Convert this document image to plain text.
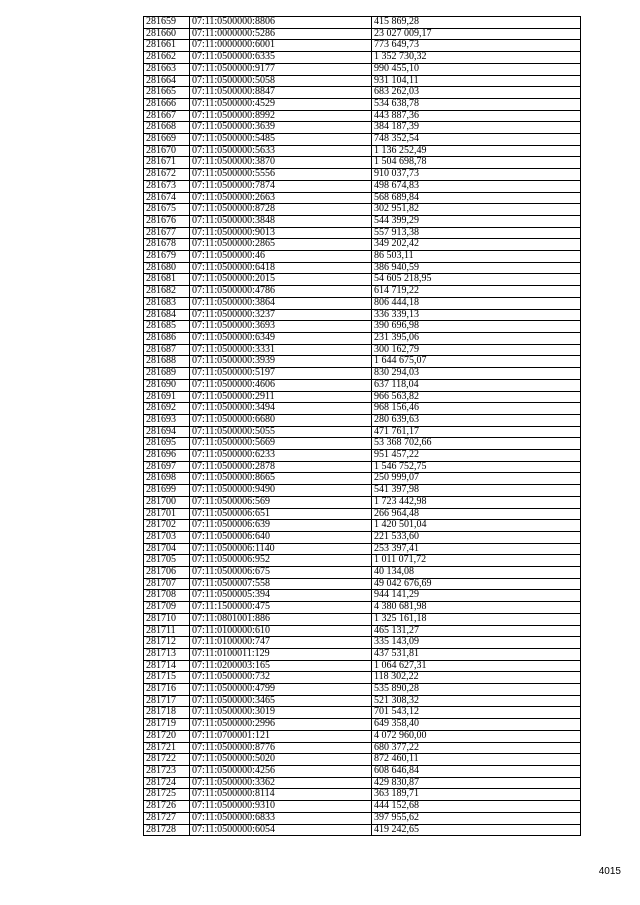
281659	07:11:0500000:8806	415 869,28
281660	07:11:0000000:5286	23 027 009,17
281661	07:11:0000000:6001	773 649,73
281662	07:11:0500000:6335	1 352 730,32
281663	07:11:0500000:9177	990 455,10
281664	07:11:0500000:5058	931 104,11
281665	07:11:0500000:8847	683 262,03
281666	07:11:0500000:4529	534 638,78
281667	07:11:0500000:8992	443 887,36
281668	07:11:0500000:3639	384 187,39
281669	07:11:0500000:5485	748 352,54
281670	07:11:0500000:5633	1 136 252,49
281671	07:11:0500000:3870	1 504 698,78
281672	07:11:0500000:5556	910 037,73
281673	07:11:0500000:7874	498 674,83
281674	07:11:0500000:2663	568 689,84
281675	07:11:0500000:8728	302 951,82
281676	07:11:0500000:3848	544 399,29
281677	07:11:0500000:9013	557 913,38
281678	07:11:0500000:2865	349 202,42
281679	07:11:0500000:46	86 503,11
281680	07:11:0500000:6418	386 940,59
281681	07:11:0500000:2015	54 605 218,95
281682	07:11:0500000:4786	614 719,22
281683	07:11:0500000:3864	806 444,18
281684	07:11:0500000:3237	336 339,13
281685	07:11:0500000:3693	390 696,98
281686	07:11:0500000:6349	231 395,06
281687	07:11:0500000:3331	300 162,79
281688	07:11:0500000:3939	1 644 675,07
281689	07:11:0500000:5197	830 294,03
281690	07:11:0500000:4606	637 118,04
281691	07:11:0500000:2911	966 563,82
281692	07:11:0500000:3494	968 156,46
281693	07:11:0500000:6680	280 639,63
281694	07:11:0500000:5055	471 761,17
281695	07:11:0500000:5669	53 368 702,66
281696	07:11:0500000:6233	951 457,22
281697	07:11:0500000:2878	1 546 752,75
281698	07:11:0500000:8665	250 999,07
281699	07:11:0500000:9490	541 397,98
281700	07:11:0500006:569	1 723 442,98
281701	07:11:0500006:651	266 964,48
281702	07:11:0500006:639	1 420 501,04
281703	07:11:0500006:640	221 533,60
281704	07:11:0500006:1140	253 397,41
281705	07:11:0500006:952	1 011 071,72
281706	07:11:0500006:675	40 134,08
281707	07:11:0500007:558	49 042 676,69
281708	07:11:0500005:394	944 141,29
281709	07:11:1500000:475	4 380 681,98
281710	07:11:0801001:886	1 325 161,18
281711	07:11:0100000:610	465 131,27
281712	07:11:0100000:747	335 143,09
281713	07:11:0100011:129	437 531,81
281714	07:11:0200003:165	1 064 627,31
281715	07:11:0500000:732	118 302,22
281716	07:11:0500000:4799	535 890,28
281717	07:11:0500000:3465	521 308,32
281718	07:11:0500000:3019	701 543,12
281719	07:11:0500000:2996	649 358,40
281720	07:11:0700001:121	4 072 960,00
281721	07:11:0500000:8776	680 377,22
281722	07:11:0500000:5020	872 460,11
281723	07:11:0500000:4256	608 646,84
281724	07:11:0500000:3362	429 830,87
281725	07:11:0500000:8114	363 189,71
281726	07:11:0500000:9310	444 152,68
281727	07:11:0500000:6833	397 955,62
281728	07:11:0500000:6054	419 242,65
4015
